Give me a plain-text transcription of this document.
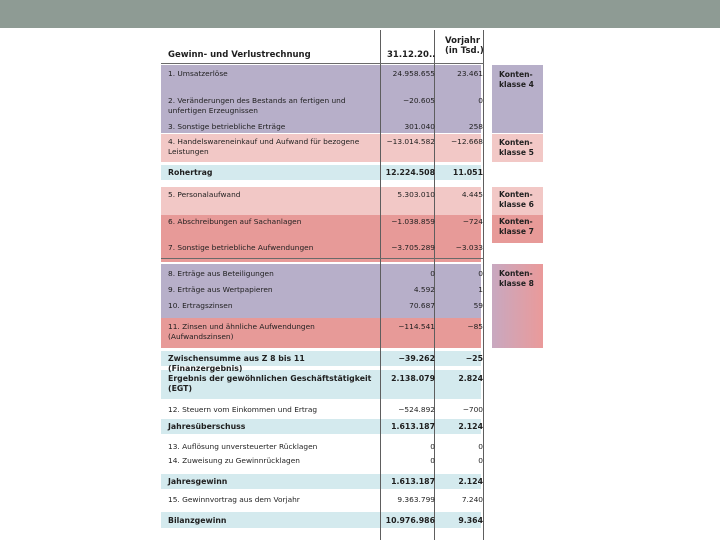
Gewinn- und Verlustrechnung	31.12.20..
Vorjahr
(in Tsd.)
1. Umsatzerlöse	24.958.655	23.461
2. Veränderungen des Bestands an fertigen und unfertigen Erzeugnissen
−20.605	0
3. Sonstige betriebliche Erträge	301.040	258
4. Handelswareneinkauf und Aufwand für bezogene Leistungen
−13.014.582	−12.668
Rohertrag	12.224.508	11.051
5. Personalaufwand	5.303.010	4.445
6. Abschreibungen auf Sachanlagen	−1.038.859	−724
7. Sonstige betriebliche Aufwendungen	−3.705.289	−3.033
8. Erträge aus Beteiligungen	0	0
9. Erträge aus Wertpapieren	4.592	1
10. Ertragszinsen	70.687	59
11. Zinsen und ähnliche Aufwendungen (Aufwandszinsen)
−114.541	−85
Zwischensumme aus Z 8 bis 11 (Finanzergebnis)
−39.262	−25
Ergebnis der gewöhnlichen Geschäftstätigkeit (EGT)
2.138.079	2.824
12. Steuern vom Einkommen und Ertrag	−524.892	−700
Jahresüberschuss	1.613.187	2.124
13. Auflösung unversteuerter Rücklagen	0	0
14. Zuweisung zu Gewinnrücklagen	0	0
Jahresgewinn	1.613.187	2.124
15. Gewinnvortrag aus dem Vorjahr	9.363.799	7.240
Bilanzgewinn	10.976.986	9.364
Konten-klasse 4
Konten-klasse 5
Konten-klasse 6
Konten-klasse 7
Konten-klasse 8
